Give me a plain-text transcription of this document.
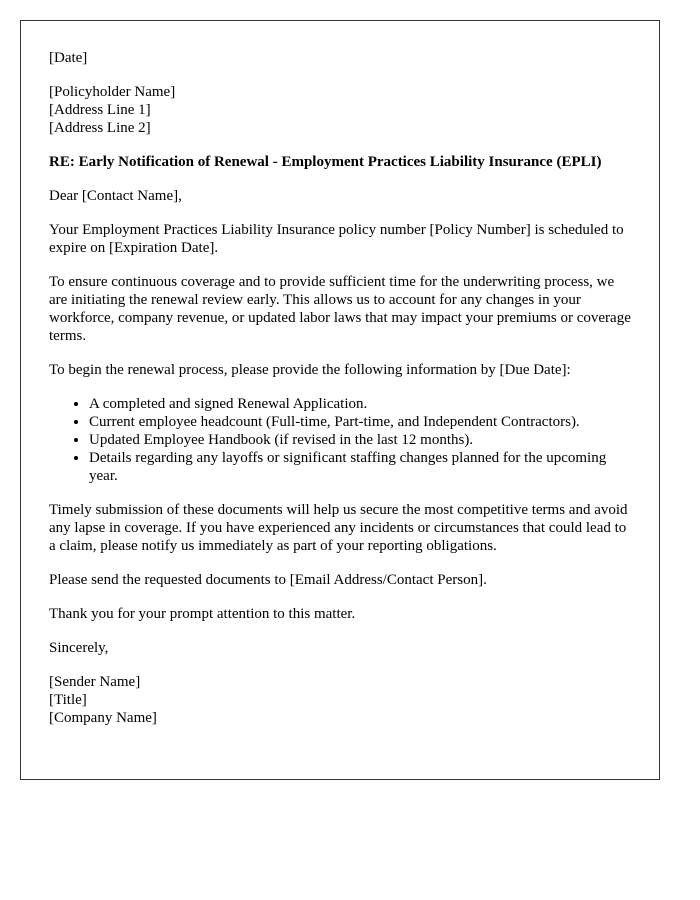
[Date]
[Policyholder Name]
[Address Line 1]
[Address Line 2]
RE: Early Notification of Renewal - Employment Practices Liability Insurance (EPLI)

Dear [Contact Name],

Your Employment Practices Liability Insurance policy number [Policy Number] is scheduled to expire on [Expiration Date].

To ensure continuous coverage and to provide sufficient time for the underwriting process, we are initiating the renewal review early. This allows us to account for any changes in your workforce, company revenue, or updated labor laws that may impact your premiums or coverage terms.

To begin the renewal process, please provide the following information by [Due Date]:

• A completed and signed Renewal Application.
• Current employee headcount (Full-time, Part-time, and Independent Contractors).
• Updated Employee Handbook (if revised in the last 12 months).
• Details regarding any layoffs or significant staffing changes planned for the upcoming year.

Timely submission of these documents will help us secure the most competitive terms and avoid any lapse in coverage. If you have experienced any incidents or circumstances that could lead to a claim, please notify us immediately as part of your reporting obligations.

Please send the requested documents to [Email Address/Contact Person].

Thank you for your prompt attention to this matter.

Sincerely,

[Sender Name]
[Title]
[Company Name]
